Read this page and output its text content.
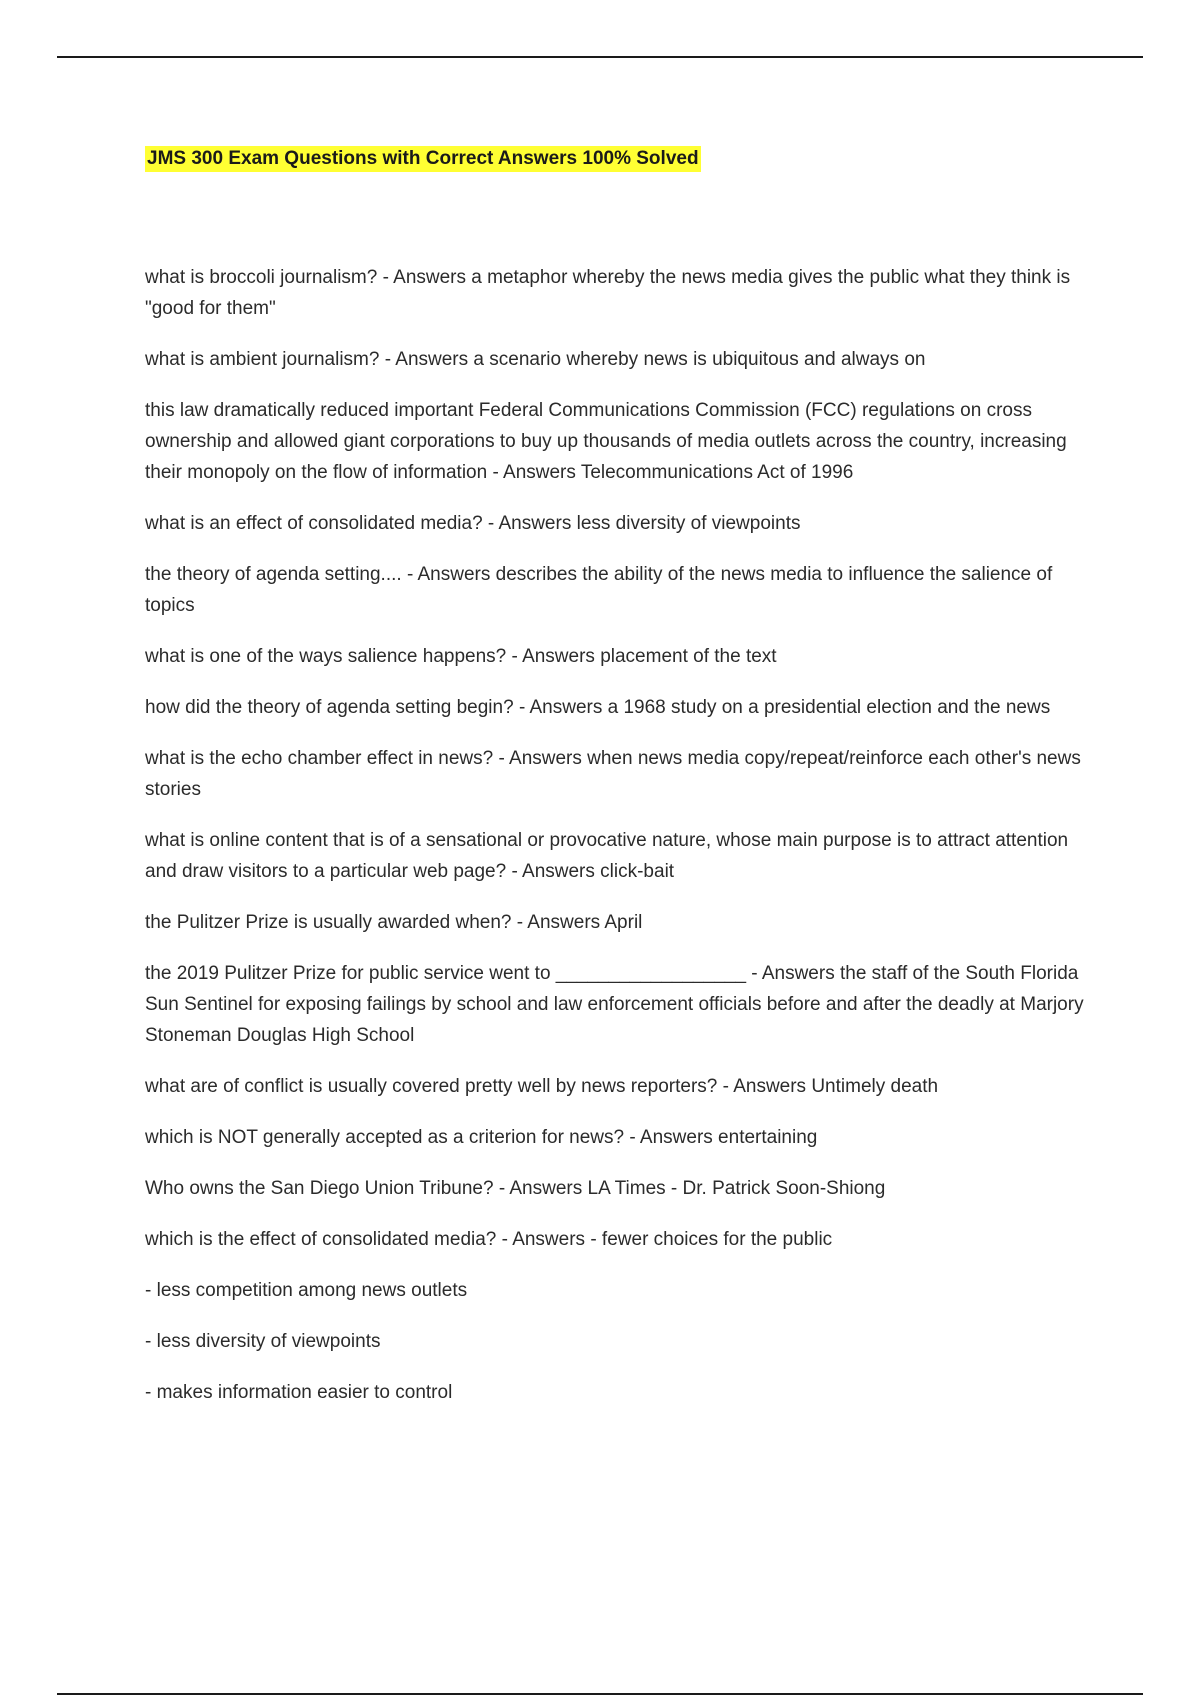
JMS 300 Exam Questions with Correct Answers 100% Solved
what is broccoli journalism? - Answers a metaphor whereby the news media gives the public what they think is "good for them"
what is ambient journalism? - Answers a scenario whereby news is ubiquitous and always on
this law dramatically reduced important Federal Communications Commission (FCC) regulations on cross ownership and allowed giant corporations to buy up thousands of media outlets across the country, increasing their monopoly on the flow of information - Answers Telecommunications Act of 1996
what is an effect of consolidated media? - Answers less diversity of viewpoints
the theory of agenda setting.... - Answers describes the ability of the news media to influence the salience of topics
what is one of the ways salience happens? - Answers placement of the text
how did the theory of agenda setting begin? - Answers a 1968 study on a presidential election and the news
what is the echo chamber effect in news? - Answers when news media copy/repeat/reinforce each other's news stories
what is online content that is of a sensational or provocative nature, whose main purpose is to attract attention and draw visitors to a particular web page? - Answers click-bait
the Pulitzer Prize is usually awarded when? - Answers April
the 2019 Pulitzer Prize for public service went to __________________ - Answers the staff of the South Florida Sun Sentinel for exposing failings by school and law enforcement officials before and after the deadly at Marjory Stoneman Douglas High School
what are of conflict is usually covered pretty well by news reporters? - Answers Untimely death
which is NOT generally accepted as a criterion for news? - Answers entertaining
Who owns the San Diego Union Tribune? - Answers LA Times - Dr. Patrick Soon-Shiong
which is the effect of consolidated media? - Answers - fewer choices for the public
- less competition among news outlets
- less diversity of viewpoints
- makes information easier to control
